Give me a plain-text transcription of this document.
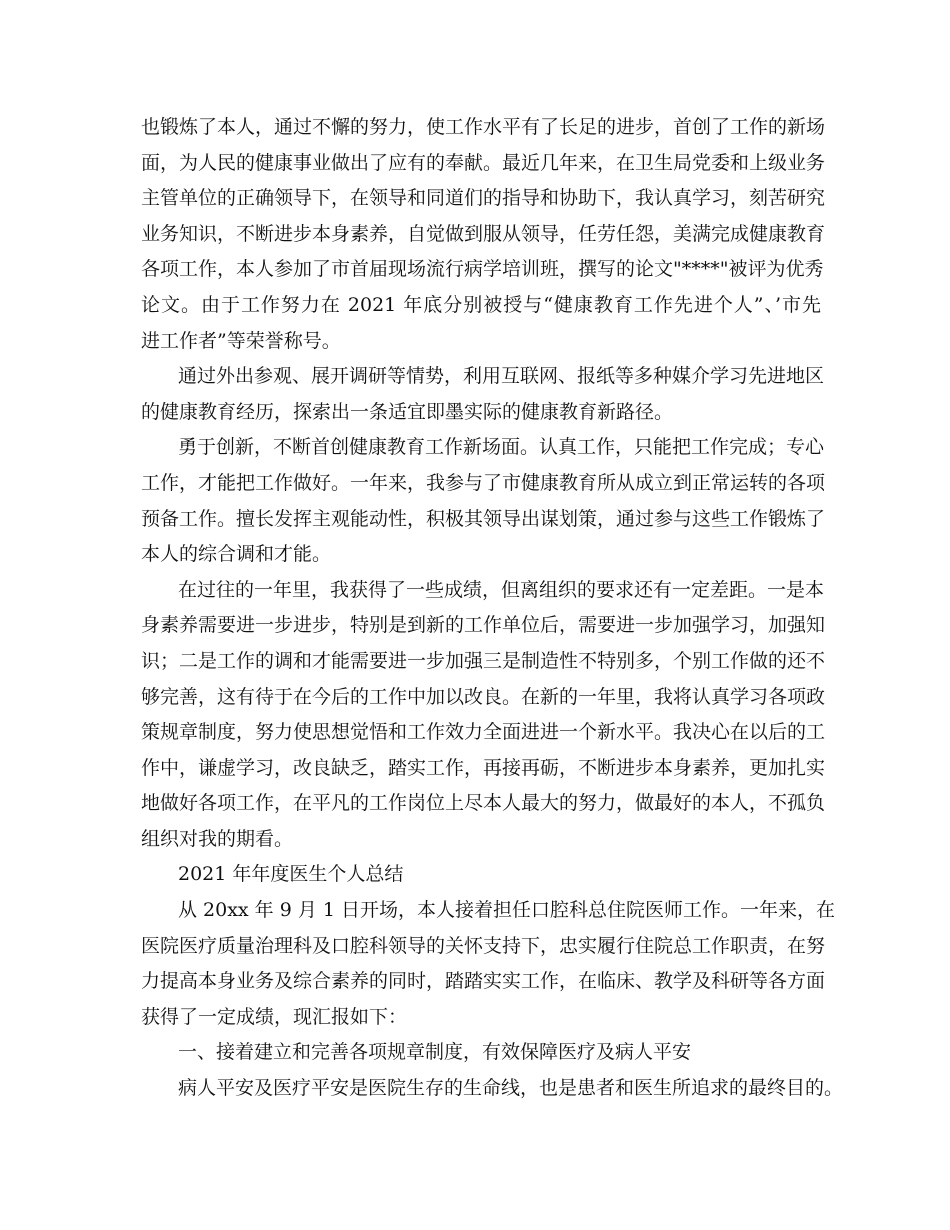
也锻炼了本人，通过不懈的努力，使工作水平有了长足的进步，首创了工作的新场
面，为人民的健康事业做出了应有的奉献。最近几年来，在卫生局党委和上级业务
主管单位的正确领导下，在领导和同道们的指导和协助下，我认真学习，刻苦研究
业务知识，不断进步本身素养，自觉做到服从领导，任劳任怨，美满完成健康教育
各项工作，本人参加了市首届现场流行病学培训班，撰写的论文"****"被评为优秀
论文。由于工作努力在 2021 年底分别被授与“健康教育工作先进个人”、’市先
进工作者”等荣誉称号。
通过外出参观、展开调研等情势，利用互联网、报纸等多种媒介学习先进地区
的健康教育经历，探索出一条适宜即墨实际的健康教育新路径。
勇于创新，不断首创健康教育工作新场面。认真工作，只能把工作完成；专心
工作，才能把工作做好。一年来，我参与了市健康教育所从成立到正常运转的各项
预备工作。擅长发挥主观能动性，积极其领导出谋划策，通过参与这些工作锻炼了
本人的综合调和才能。
在过往的一年里，我获得了一些成绩，但离组织的要求还有一定差距。一是本
身素养需要进一步进步，特别是到新的工作单位后，需要进一步加强学习，加强知
识；二是工作的调和才能需要进一步加强三是制造性不特别多，个别工作做的还不
够完善，这有待于在今后的工作中加以改良。在新的一年里，我将认真学习各项政
策规章制度，努力使思想觉悟和工作效力全面进进一个新水平。我决心在以后的工
作中，谦虚学习，改良缺乏，踏实工作，再接再砺，不断进步本身素养，更加扎实
地做好各项工作，在平凡的工作岗位上尽本人最大的努力，做最好的本人，不孤负
组织对我的期看。
2021 年年度医生个人总结
从 20xx 年 9 月 1 日开场，本人接着担任口腔科总住院医师工作。一年来，在
医院医疗质量治理科及口腔科领导的关怀支持下，忠实履行住院总工作职责，在努
力提高本身业务及综合素养的同时，踏踏实实工作，在临床、教学及科研等各方面
获得了一定成绩，现汇报如下：
一、接着建立和完善各项规章制度，有效保障医疗及病人平安
病人平安及医疗平安是医院生存的生命线，也是患者和医生所追求的最终目的。
